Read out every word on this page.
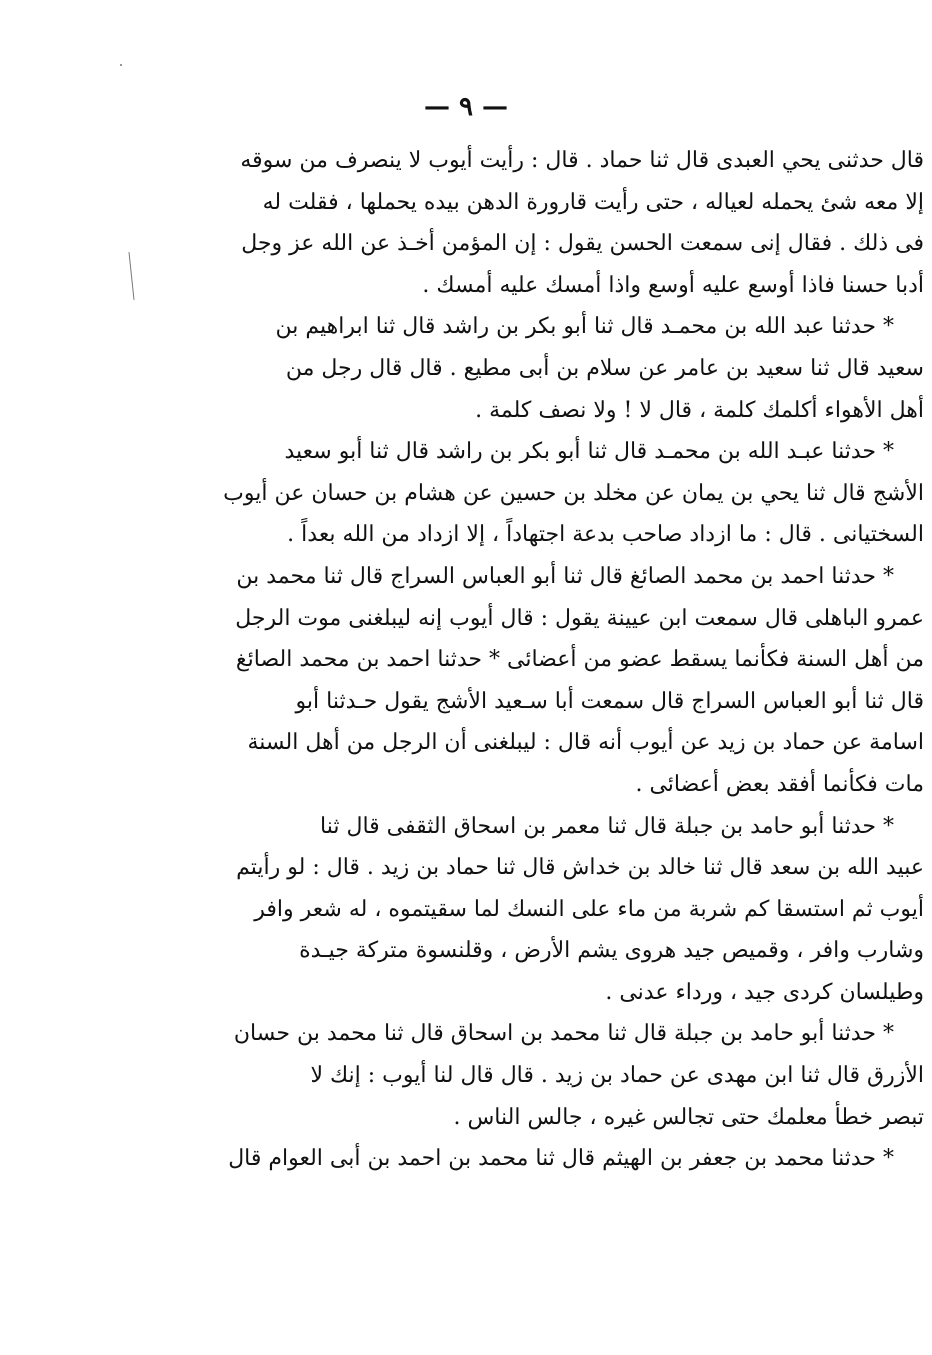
— ٩ —
قال حدثنى يحي العبدى قال ثنا حماد . قال : رأيت أيوب لا ينصرف من سوقه
إلا معه شئ يحمله لعياله ، حتى رأيت قارورة الدهن بيده يحملها ، فقلت له
فى ذلك . فقال إنى سمعت الحسن يقول : إن المؤمن أخـذ عن الله عز وجل
أدبا حسنا فاذا أوسع عليه أوسع واذا أمسك عليه أمسك .
* حدثنا عبد الله بن محمـد قال ثنا أبو بكر بن راشد قال ثنا ابراهيم بن
سعيد قال ثنا سعيد بن عامر عن سلام بن أبى مطيع . قال قال رجل من
أهل الأهواء أكلمك كلمة ، قال لا ! ولا نصف كلمة .
* حدثنا عبـد الله بن محمـد قال ثنا أبو بكر بن راشد قال ثنا أبو سعيد
الأشج قال ثنا يحي بن يمان عن مخلد بن حسين عن هشام بن حسان عن أيوب
السختيانى . قال : ما ازداد صاحب بدعة اجتهاداً ، إلا ازداد من الله بعداً .
* حدثنا احمد بن محمد الصائغ قال ثنا أبو العباس السراج قال ثنا محمد بن
عمرو الباهلى قال سمعت ابن عيينة يقول : قال أيوب إنه ليبلغنى موت الرجل
من أهل السنة فكأنما يسقط عضو من أعضائى * حدثنا احمد بن محمد الصائغ
قال ثنا أبو العباس السراج قال سمعت أبا سـعيد الأشج يقول حـدثنا أبو
اسامة عن حماد بن زيد عن أيوب أنه قال : ليبلغنى أن الرجل من أهل السنة
مات فكأنما أفقد بعض أعضائى .
* حدثنا أبو حامد بن جبلة قال ثنا معمر بن اسحاق الثقفى قال ثنا
عبيد الله بن سعد قال ثنا خالد بن خداش قال ثنا حماد بن زيد . قال : لو رأيتم
أيوب ثم استسقا كم شربة من ماء على النسك لما سقيتموه ، له شعر وافر
وشارب وافر ، وقميص جيد هروى يشم الأرض ، وقلنسوة متركة جيـدة
وطيلسان كردى جيد ، ورداء عدنى .
* حدثنا أبو حامد بن جبلة قال ثنا محمد بن اسحاق قال ثنا محمد بن حسان
الأزرق قال ثنا ابن مهدى عن حماد بن زيد . قال قال لنا أيوب : إنك لا
تبصر خطأ معلمك حتى تجالس غيره ، جالس الناس .
* حدثنا محمد بن جعفر بن الهيثم قال ثنا محمد بن احمد بن أبى العوام قال
